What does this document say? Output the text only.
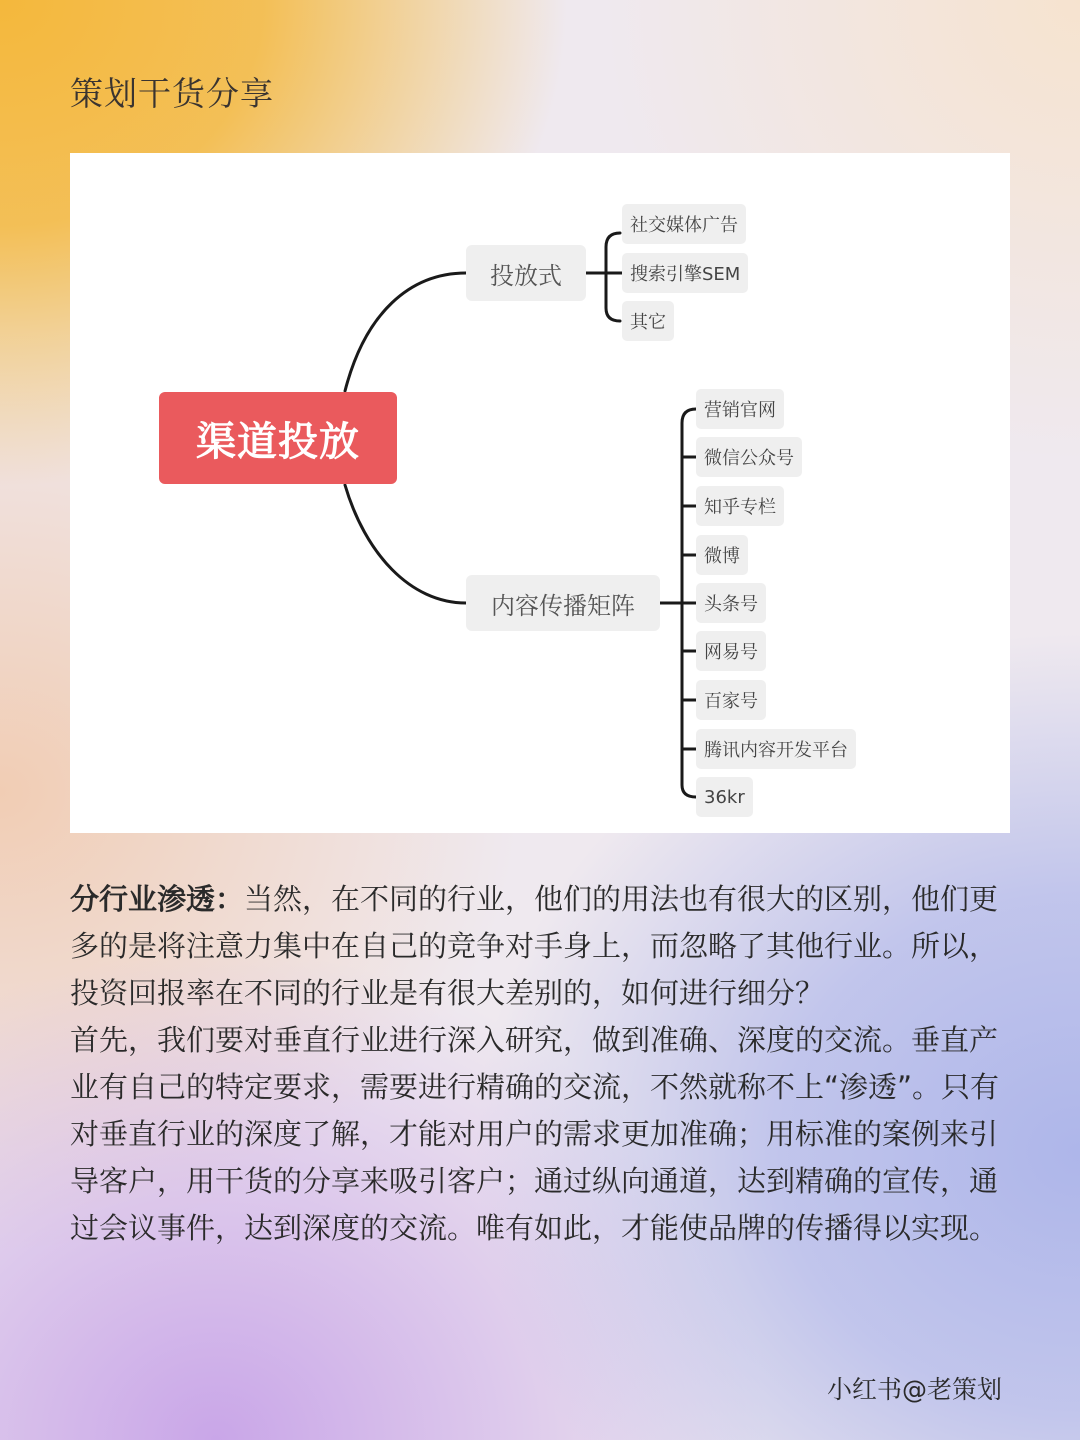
策划干货分享
渠道投放
投放式
内容传播矩阵
社交媒体广告
搜索引擎SEM
其它
营销官网
微信公众号
知乎专栏
微博
头条号
网易号
百家号
腾讯内容开发平台
36kr

分行业渗透：当然，在不同的行业，他们的用法也有很大的区别，他们更多的是将注意力集中在自己的竞争对手身上，而忽略了其他行业。所以，投资回报率在不同的行业是有很大差别的，如何进行细分？

首先，我们要对垂直行业进行深入研究，做到准确、深度的交流。垂直产业有自己的特定要求，需要进行精确的交流，不然就称不上“渗透”。只有对垂直行业的深度了解，才能对用户的需求更加准确；用标准的案例来引导客户，用干货的分享来吸引客户；通过纵向通道，达到精确的宣传，通过会议事件，达到深度的交流。唯有如此，才能使品牌的传播得以实现。

小红书@老策划
